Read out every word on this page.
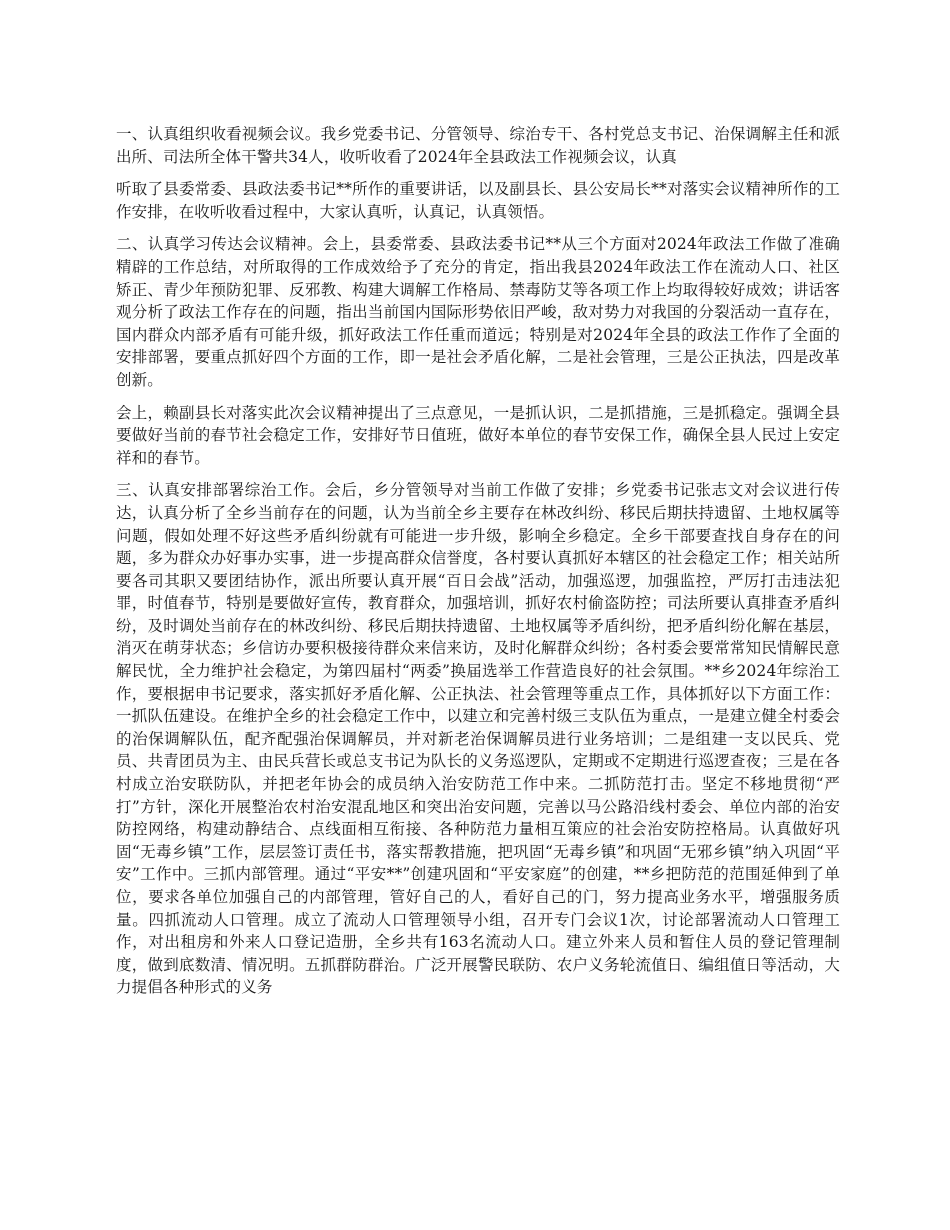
一、认真组织收看视频会议。我乡党委书记、分管领导、综治专干、各村党总支书记、治保调解主任和派出所、司法所全体干警共34人，收听收看了2024年全县政法工作视频会议，认真

听取了县委常委、县政法委书记**所作的重要讲话，以及副县长、县公安局长**对落实会议精神所作的工作安排，在收听收看过程中，大家认真听，认真记，认真领悟。

二、认真学习传达会议精神。会上，县委常委、县政法委书记**从三个方面对2024年政法工作做了准确精辟的工作总结，对所取得的工作成效给予了充分的肯定，指出我县2024年政法工作在流动人口、社区矫正、青少年预防犯罪、反邪教、构建大调解工作格局、禁毒防艾等各项工作上均取得较好成效；讲话客观分析了政法工作存在的问题，指出当前国内国际形势依旧严峻，敌对势力对我国的分裂活动一直存在，国内群众内部矛盾有可能升级，抓好政法工作任重而道远；特别是对2024年全县的政法工作作了全面的安排部署，要重点抓好四个方面的工作，即一是社会矛盾化解，二是社会管理，三是公正执法，四是改革创新。

会上，赖副县长对落实此次会议精神提出了三点意见，一是抓认识，二是抓措施，三是抓稳定。强调全县要做好当前的春节社会稳定工作，安排好节日值班，做好本单位的春节安保工作，确保全县人民过上安定祥和的春节。

三、认真安排部署综治工作。会后，乡分管领导对当前工作做了安排；乡党委书记张志文对会议进行传达，认真分析了全乡当前存在的问题，认为当前全乡主要存在林改纠纷、移民后期扶持遗留、土地权属等问题，假如处理不好这些矛盾纠纷就有可能进一步升级，影响全乡稳定。全乡干部要查找自身存在的问题，多为群众办好事办实事，进一步提高群众信誉度，各村要认真抓好本辖区的社会稳定工作；相关站所要各司其职又要团结协作，派出所要认真开展“百日会战”活动，加强巡逻，加强监控，严厉打击违法犯罪，时值春节，特别是要做好宣传，教育群众，加强培训，抓好农村偷盗防控；司法所要认真排查矛盾纠纷，及时调处当前存在的林改纠纷、移民后期扶持遗留、土地权属等矛盾纠纷，把矛盾纠纷化解在基层，消灭在萌芽状态；乡信访办要积极接待群众来信来访，及时化解群众纠纷；各村委会要常常知民情解民意解民忧，全力维护社会稳定，为第四届村“两委”换届选举工作营造良好的社会氛围。**乡2024年综治工作，要根据申书记要求，落实抓好矛盾化解、公正执法、社会管理等重点工作，具体抓好以下方面工作：一抓队伍建设。在维护全乡的社会稳定工作中，以建立和完善村级三支队伍为重点，一是建立健全村委会的治保调解队伍，配齐配强治保调解员，并对新老治保调解员进行业务培训；二是组建一支以民兵、党员、共青团员为主、由民兵营长或总支书记为队长的义务巡逻队，定期或不定期进行巡逻查夜；三是在各村成立治安联防队，并把老年协会的成员纳入治安防范工作中来。二抓防范打击。坚定不移地贯彻“严打”方针，深化开展整治农村治安混乱地区和突出治安问题，完善以马公路沿线村委会、单位内部的治安防控网络，构建动静结合、点线面相互衔接、各种防范力量相互策应的社会治安防控格局。认真做好巩固“无毒乡镇”工作，层层签订责任书，落实帮教措施，把巩固“无毒乡镇”和巩固“无邪乡镇”纳入巩固“平安”工作中。三抓内部管理。通过“平安**”创建巩固和“平安家庭”的创建，**乡把防范的范围延伸到了单位，要求各单位加强自己的内部管理，管好自己的人，看好自己的门，努力提高业务水平，增强服务质量。四抓流动人口管理。成立了流动人口管理领导小组，召开专门会议1次，讨论部署流动人口管理工作，对出租房和外来人口登记造册，全乡共有163名流动人口。建立外来人员和暂住人员的登记管理制度，做到底数清、情况明。五抓群防群治。广泛开展警民联防、农户义务轮流值日、编组值日等活动，大力提倡各种形式的义务
